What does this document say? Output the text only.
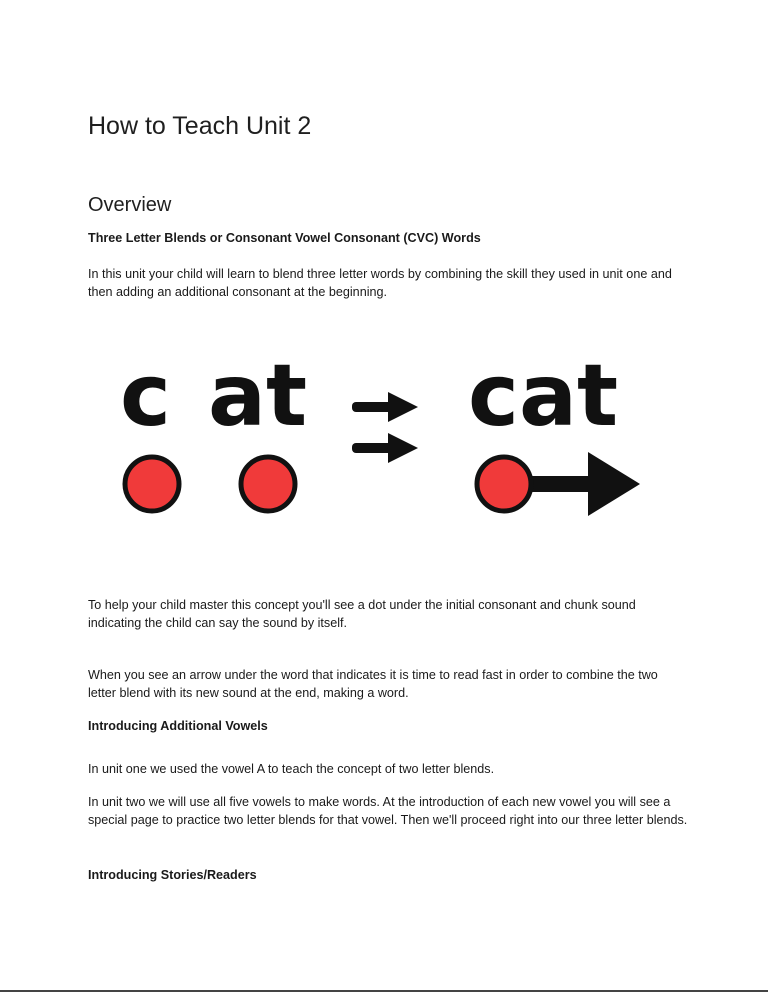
How to Teach Unit 2
Overview
Three Letter Blends or Consonant Vowel Consonant (CVC) Words

In this unit your child will learn to blend three letter words by combining the skill they used in unit one and then adding an additional consonant at the beginning.

c at cat

To help your child master this concept you'll see a dot under the initial consonant and chunk sound indicating the child can say the sound by itself.

When you see an arrow under the word that indicates it is time to read fast in order to combine the two letter blend with its new sound at the end, making a word.

Introducing Additional Vowels

In unit one we used the vowel A to teach the concept of two letter blends.

In unit two we will use all five vowels to make words. At the introduction of each new vowel you will see a special page to practice two letter blends for that vowel. Then we'll proceed right into our three letter blends.

Introducing Stories/Readers
